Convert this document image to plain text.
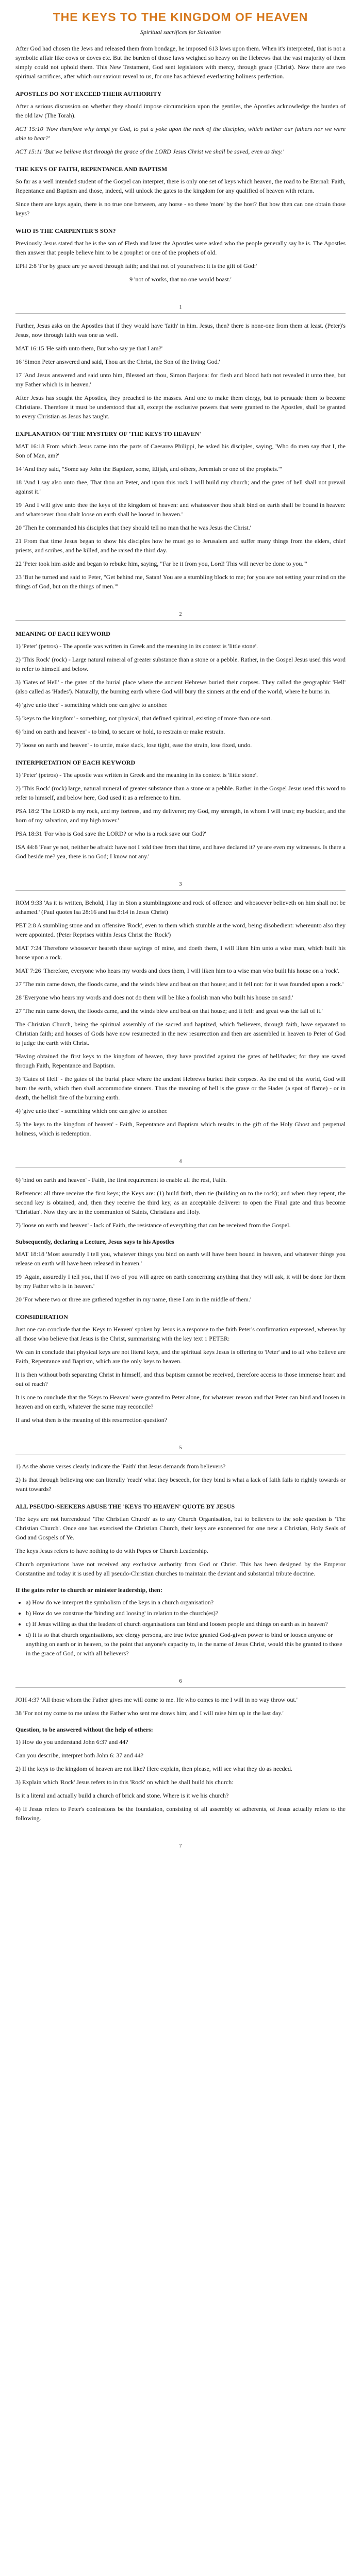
THE KEYS TO THE KINGDOM OF HEAVEN
Spiritual sacrifices for Salvation

After God had chosen the Jews and released them from bondage, he imposed 613 laws upon them. When it's interpreted, that is not a symbolic affair like cows or doves etc. But the burden of those laws weighed so heavy on the Hebrews that the vast majority of them simply could not uphold them. This New Testament, God sent legislators with mercy, through grace (Christ). Now there are two spiritual sacrifices, after which our saviour reveal to us, for one has achieved everlasting holiness perfection.

APOSTLES DO NOT EXCEED THEIR AUTHORITY

After a serious discussion on whether they should impose circumcision upon the gentiles, the Apostles acknowledge the burden of the old law (The Torah).

ACT 15:10 'Now therefore why tempt ye God, to put a yoke upon the neck of the disciples, which neither our fathers nor we were able to bear?'

ACT 15:11 'But we believe that through the grace of the LORD Jesus Christ we shall be saved, even as they.'

THE KEYS OF FAITH, REPENTANCE AND BAPTISM

So far as a well intended student of the Gospel can interpret, there is only one set of keys which heaven, the road to be Eternal: Faith, Repentance and Baptism and those, indeed, will unlock the gates to the kingdom for any qualified of heaven with return.

Since there are keys again, there is no true one between, any horse - so these 'more' by the host? But how then can one obtain those keys?

WHO IS THE CARPENTER'S SON?

Previously Jesus stated that he is the son of Flesh and later the Apostles were asked who the people generally say he is. The Apostles then answer that people believe him to be a prophet or one of the prophets of old.

EPH 2:8 'For by grace are ye saved through faith; and that not of yourselves: it is the gift of God:'

9 'not of works, that no one would boast.'

1

Further, Jesus asks on the Apostles that if they would have 'faith' in him. Jesus, then? there is none-one from them at least. (Peter)'s Jesus, now through faith was one as well.

MAT 16:15 'He saith unto them, But who say ye that I am?'

16 'Simon Peter answered and said, Thou art the Christ, the Son of the living God.'

17 'And Jesus answered and said unto him, Blessed art thou, Simon Barjona: for flesh and blood hath not revealed it unto thee, but my Father which is in heaven.'

After Jesus has sought the Apostles, they preached to the masses. And one to make them clergy, but to persuade them to become Christians. Therefore it must be understood that all, except the exclusive powers that were granted to the Apostles, shall be granted to every Christian as Jesus has taught.

EXPLANATION OF THE MYSTERY OF 'THE KEYS TO HEAVEN'

MAT 16:18 From which Jesus came into the parts of Caesarea Philippi, he asked his disciples, saying, 'Who do men say that I, the Son of Man, am?'

14 'And they said, "Some say John the Baptizer, some, Elijah, and others, Jeremiah or one of the prophets."'

18 'And I say also unto thee, That thou art Peter, and upon this rock I will build my church; and the gates of hell shall not prevail against it.'

19 'And I will give unto thee the keys of the kingdom of heaven: and whatsoever thou shalt bind on earth shall be bound in heaven: and whatsoever thou shalt loose on earth shall be loosed in heaven.'

20 'Then he commanded his disciples that they should tell no man that he was Jesus the Christ.'

21 From that time Jesus began to show his disciples how he must go to Jerusalem and suffer many things from the elders, chief priests, and scribes, and be killed, and be raised the third day.

22 'Peter took him aside and began to rebuke him, saying, "Far be it from you, Lord! This will never be done to you."'

23 'But he turned and said to Peter, "Get behind me, Satan! You are a stumbling block to me; for you are not setting your mind on the things of God, but on the things of men."'

2
MEANING OF EACH KEYWORD

1) 'Peter' (petros) - The apostle was written in Greek and the meaning in its context is 'little stone'.

2) 'This Rock' (rock) - Large natural mineral of greater substance than a stone or a pebble. Rather, in the Gospel Jesus used this word to refer to himself and below.

3) 'Gates of Hell' - the gates of the burial place where the ancient Hebrews buried their corpses. They called the geographic 'Hell' (also called as 'Hades'). Naturally, the burning earth where God will bury the sinners at the end of the world, where he burns in.

4) 'give unto thee' - something which one can give to another.

5) 'keys to the kingdom' - something, not physical, that defined spiritual, existing of more than one sort.

6) 'bind on earth and heaven' - to bind, to secure or hold, to restrain or make restrain.

7) 'loose on earth and heaven' - to untie, make slack, lose tight, ease the strain, lose fixed, undo.

INTERPRETATION OF EACH KEYWORD

1) 'Peter' (petros) - The apostle was written in Greek and the meaning in its context is 'little stone'.

2) 'This Rock' (rock) large, natural mineral of greater substance than a stone or a pebble. Rather in the Gospel Jesus used this word to refer to himself, and below here, God used it as a reference to him.

PSA 18:2 'The LORD is my rock, and my fortress, and my deliverer; my God, my strength, in whom I will trust; my buckler, and the horn of my salvation, and my high tower.'

PSA 18:31 'For who is God save the LORD? or who is a rock save our God?'

ISA 44:8 'Fear ye not, neither be afraid: have not I told thee from that time, and have declared it? ye are even my witnesses. Is there a God beside me? yea, there is no God; I know not any.'

3

ROM 9:33 'As it is written, Behold, I lay in Sion a stumblingstone and rock of offence: and whosoever believeth on him shall not be ashamed.' (Paul quotes Isa 28:16 and Isa 8:14 in Jesus Christ)

PET 2:8 A stumbling stone and an offensive 'Rock', even to them which stumble at the word, being disobedient: whereunto also they were appointed. (Peter Reprises within Jesus Christ the 'Rock')

MAT 7:24 Therefore whosoever heareth these sayings of mine, and doeth them, I will liken him unto a wise man, which built his house upon a rock.

MAT 7:26 'Therefore, everyone who hears my words and does them, I will liken him to a wise man who built his house on a 'rock'.

27 'The rain came down, the floods came, and the winds blew and beat on that house; and it fell not: for it was founded upon a rock.'

28 'Everyone who hears my words and does not do them will be like a foolish man who built his house on sand.'

27 'The rain came down, the floods came, and the winds blew and beat on that house; and it fell: and great was the fall of it.'

The Christian Church, being the spiritual assembly of the sacred and baptized, which 'believers, through faith, have separated to Christian faith; and houses of Gods have now resurrected in the new resurrection and then are assembled in heaven to Peter of God to judge the earth with Christ.

'Having obtained the first keys to the kingdom of heaven, they have provided against the gates of hell/hades; for they are saved through Faith, Repentance and Baptism.

3) 'Gates of Hell' - the gates of the burial place where the ancient Hebrews buried their corpses. As the end of the world, God will burn the earth, which then shall accommodate sinners. Thus the meaning of hell is the grave or the Hades (a spot of flame) - or in death, the hellish fire of the burning earth.

4) 'give unto thee' - something which one can give to another.

5) 'the keys to the kingdom of heaven' - Faith, Repentance and Baptism which results in the gift of the Holy Ghost and perpetual holiness, which is redemption.

4

6) 'bind on earth and heaven' - Faith, the first requirement to enable all the rest, Faith.

Reference: all three receive the first keys; the Keys are: (1) build faith, then tie (building on to the rock); and when they repent, the second key is obtained, and, then they receive the third key, as an acceptable deliverer to open the Final gate and thus become 'Christian'. Now they are in the communion of Saints, Christians and Holy.

7) 'loose on earth and heaven' - lack of Faith, the resistance of everything that can be received from the Gospel.

Subsequently, declaring a Lecture, Jesus says to his Apostles

MAT 18:18 'Most assuredly I tell you, whatever things you bind on earth will have been bound in heaven, and whatever things you release on earth will have been released in heaven.'

19 'Again, assuredly I tell you, that if two of you will agree on earth concerning anything that they will ask, it will be done for them by my Father who is in heaven.'

20 'For where two or three are gathered together in my name, there I am in the middle of them.'

CONSIDERATION

Just one can conclude that the 'Keys to Heaven' spoken by Jesus is a response to the faith Peter's confirmation expressed, whereas by all those who believe that Jesus is the Christ, summarising with the key text 1 PETER:

We can in conclude that physical keys are not literal keys, and the spiritual keys Jesus is offering to 'Peter' and to all who believe are Faith, Repentance and Baptism, which are the only keys to heaven.

It is then without both separating Christ in himself, and thus baptism cannot be received, therefore access to those immense heart and out of reach?

It is one to conclude that the 'Keys to Heaven' were granted to Peter alone, for whatever reason and that Peter can bind and loosen in heaven and on earth, whatever the same may reconcile?

If and what then is the meaning of this resurrection question?

5

1) As the above verses clearly indicate the 'Faith' that Jesus demands from believers?

2) Is that through believing one can literally 'reach' what they beseech, for they bind is what a lack of faith fails to rightly towards or want towards?

ALL PSEUDO-SEEKERS ABUSE THE 'KEYS TO HEAVEN' QUOTE BY JESUS

The keys are not horrendous! 'The Christian Church' as to any Church Organisation, but to believers to the sole question is 'The Christian Church'. Once one has exercised the Christian Church, their keys are exonerated for one new a Christian, Holy Seals of God and Gospels of Ye.

The keys Jesus refers to have nothing to do with Popes or Church Leadership.

Church organisations have not received any exclusive authority from God or Christ. This has been designed by the Emperor Constantine and today it is used by all pseudo-Christian churches to maintain the deviant and substantial tribute doctrine.

If the gates refer to church or minister leadership, then:
• a) How do we interpret the symbolism of the keys in a church organisation?
• b) How do we construe the 'binding and loosing' in relation to the church(es)?
• c) If Jesus willing as that the leaders of church organisations can bind and loosen people and things on earth as in heaven?
• d) It is so that church organisations, see clergy persona, are true twice granted God-given power to bind or loosen anyone or anything on earth or in heaven, to the point that anyone's capacity to, in the name of Jesus Christ, would this be granted to those in the grace of God, or with all believers?
6

JOH 4:37 'All those whom the Father gives me will come to me. He who comes to me I will in no way throw out.'

38 'For not my come to me unless the Father who sent me draws him; and I will raise him up in the last day.'

Question, to be answered without the help of others:

1) How do you understand John 6:37 and 44?

Can you describe, interpret both John 6: 37 and 44?

2) If the keys to the kingdom of heaven are not like? Here explain, then please, will see what they do as needed.

3) Explain which 'Rock' Jesus refers to in this 'Rock' on which he shall build his church:

Is it a literal and actually build a church of brick and stone. Where is it we his church?

4) If Jesus refers to Peter's confessions be the foundation, consisting of all assembly of adherents, of Jesus actually refers to the following.

7
